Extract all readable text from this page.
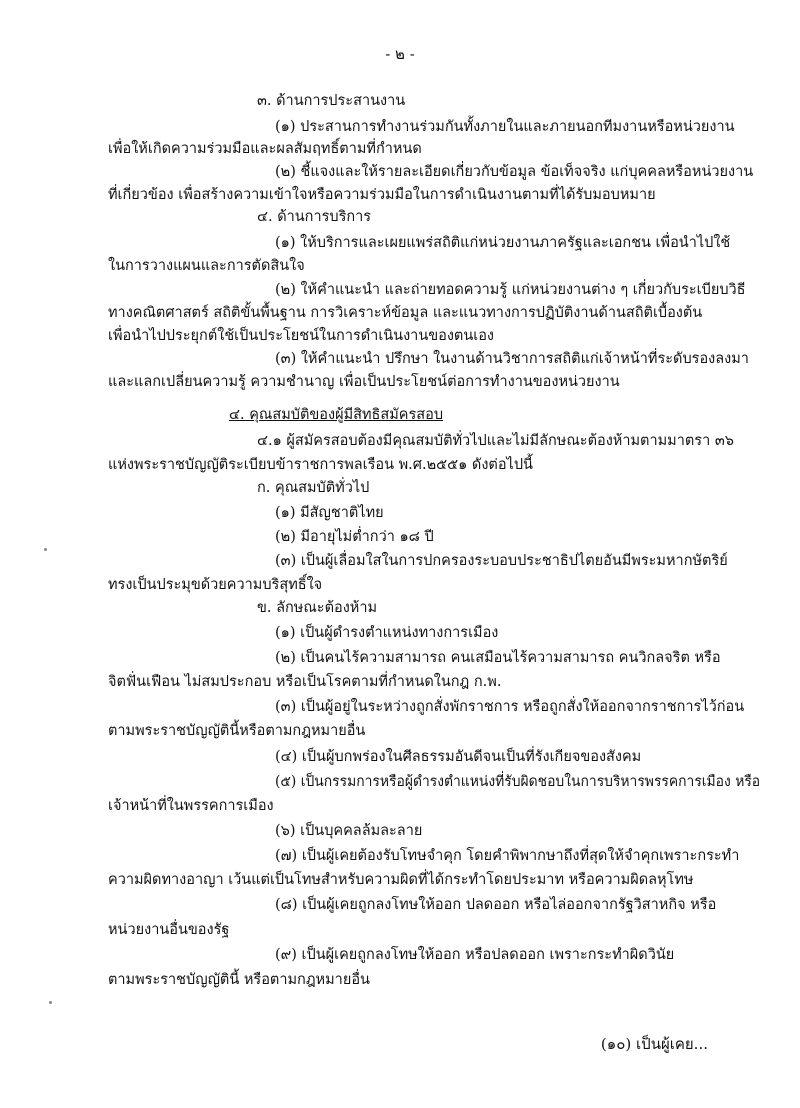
- ๒ -
๓. ด้านการประสานงาน
(๑) ประสานการทำงานร่วมกันทั้งภายในและภายนอกทีมงานหรือหน่วยงาน
เพื่อให้เกิดความร่วมมือและผลสัมฤทธิ์ตามที่กำหนด
(๒) ชี้แจงและให้รายละเอียดเกี่ยวกับข้อมูล ข้อเท็จจริง แก่บุคคลหรือหน่วยงาน
ที่เกี่ยวข้อง เพื่อสร้างความเข้าใจหรือความร่วมมือในการดำเนินงานตามที่ได้รับมอบหมาย
๔. ด้านการบริการ
(๑) ให้บริการและเผยแพร่สถิติแก่หน่วยงานภาครัฐและเอกชน เพื่อนำไปใช้
ในการวางแผนและการตัดสินใจ
(๒) ให้คำแนะนำ และถ่ายทอดความรู้ แก่หน่วยงานต่าง ๆ เกี่ยวกับระเบียบวิธี
ทางคณิตศาสตร์ สถิติขั้นพื้นฐาน การวิเคราะห์ข้อมูล และแนวทางการปฏิบัติงานด้านสถิติเบื้องต้น
เพื่อนำไปประยุกต์ใช้เป็นประโยชน์ในการดำเนินงานของตนเอง
(๓) ให้คำแนะนำ ปรึกษา ในงานด้านวิชาการสถิติแก่เจ้าหน้าที่ระดับรองลงมา
และแลกเปลี่ยนความรู้ ความชำนาญ เพื่อเป็นประโยชน์ต่อการทำงานของหน่วยงาน
๔. คุณสมบัติของผู้มีสิทธิสมัครสอบ
๔.๑ ผู้สมัครสอบต้องมีคุณสมบัติทั่วไปและไม่มีลักษณะต้องห้ามตามมาตรา ๓๖
แห่งพระราชบัญญัติระเบียบข้าราชการพลเรือน พ.ศ.๒๕๕๑ ดังต่อไปนี้
ก. คุณสมบัติทั่วไป
(๑) มีสัญชาติไทย
(๒) มีอายุไม่ต่ำกว่า ๑๘ ปี
(๓) เป็นผู้เลื่อมใสในการปกครองระบอบประชาธิปไตยอันมีพระมหากษัตริย์
ทรงเป็นประมุขด้วยความบริสุทธิ์ใจ
ข. ลักษณะต้องห้าม
(๑) เป็นผู้ดำรงตำแหน่งทางการเมือง
(๒) เป็นคนไร้ความสามารถ คนเสมือนไร้ความสามารถ คนวิกลจริต หรือ
จิตฟั่นเฟือน ไม่สมประกอบ หรือเป็นโรคตามที่กำหนดในกฎ ก.พ.
(๓) เป็นผู้อยู่ในระหว่างถูกสั่งพักราชการ หรือถูกสั่งให้ออกจากราชการไว้ก่อน
ตามพระราชบัญญัตินี้หรือตามกฎหมายอื่น
(๔) เป็นผู้บกพร่องในศีลธรรมอันดีจนเป็นที่รังเกียจของสังคม
(๕) เป็นกรรมการหรือผู้ดำรงตำแหน่งที่รับผิดชอบในการบริหารพรรคการเมือง หรือ
เจ้าหน้าที่ในพรรคการเมือง
(๖) เป็นบุคคลล้มละลาย
(๗) เป็นผู้เคยต้องรับโทษจำคุก โดยคำพิพากษาถึงที่สุดให้จำคุกเพราะกระทำ
ความผิดทางอาญา เว้นแต่เป็นโทษสำหรับความผิดที่ได้กระทำโดยประมาท หรือความผิดลหุโทษ
(๘) เป็นผู้เคยถูกลงโทษให้ออก ปลดออก หรือไล่ออกจากรัฐวิสาหกิจ หรือ
หน่วยงานอื่นของรัฐ
(๙) เป็นผู้เคยถูกลงโทษให้ออก หรือปลดออก เพราะกระทำผิดวินัย
ตามพระราชบัญญัตินี้ หรือตามกฎหมายอื่น
(๑๐) เป็นผู้เคย...
